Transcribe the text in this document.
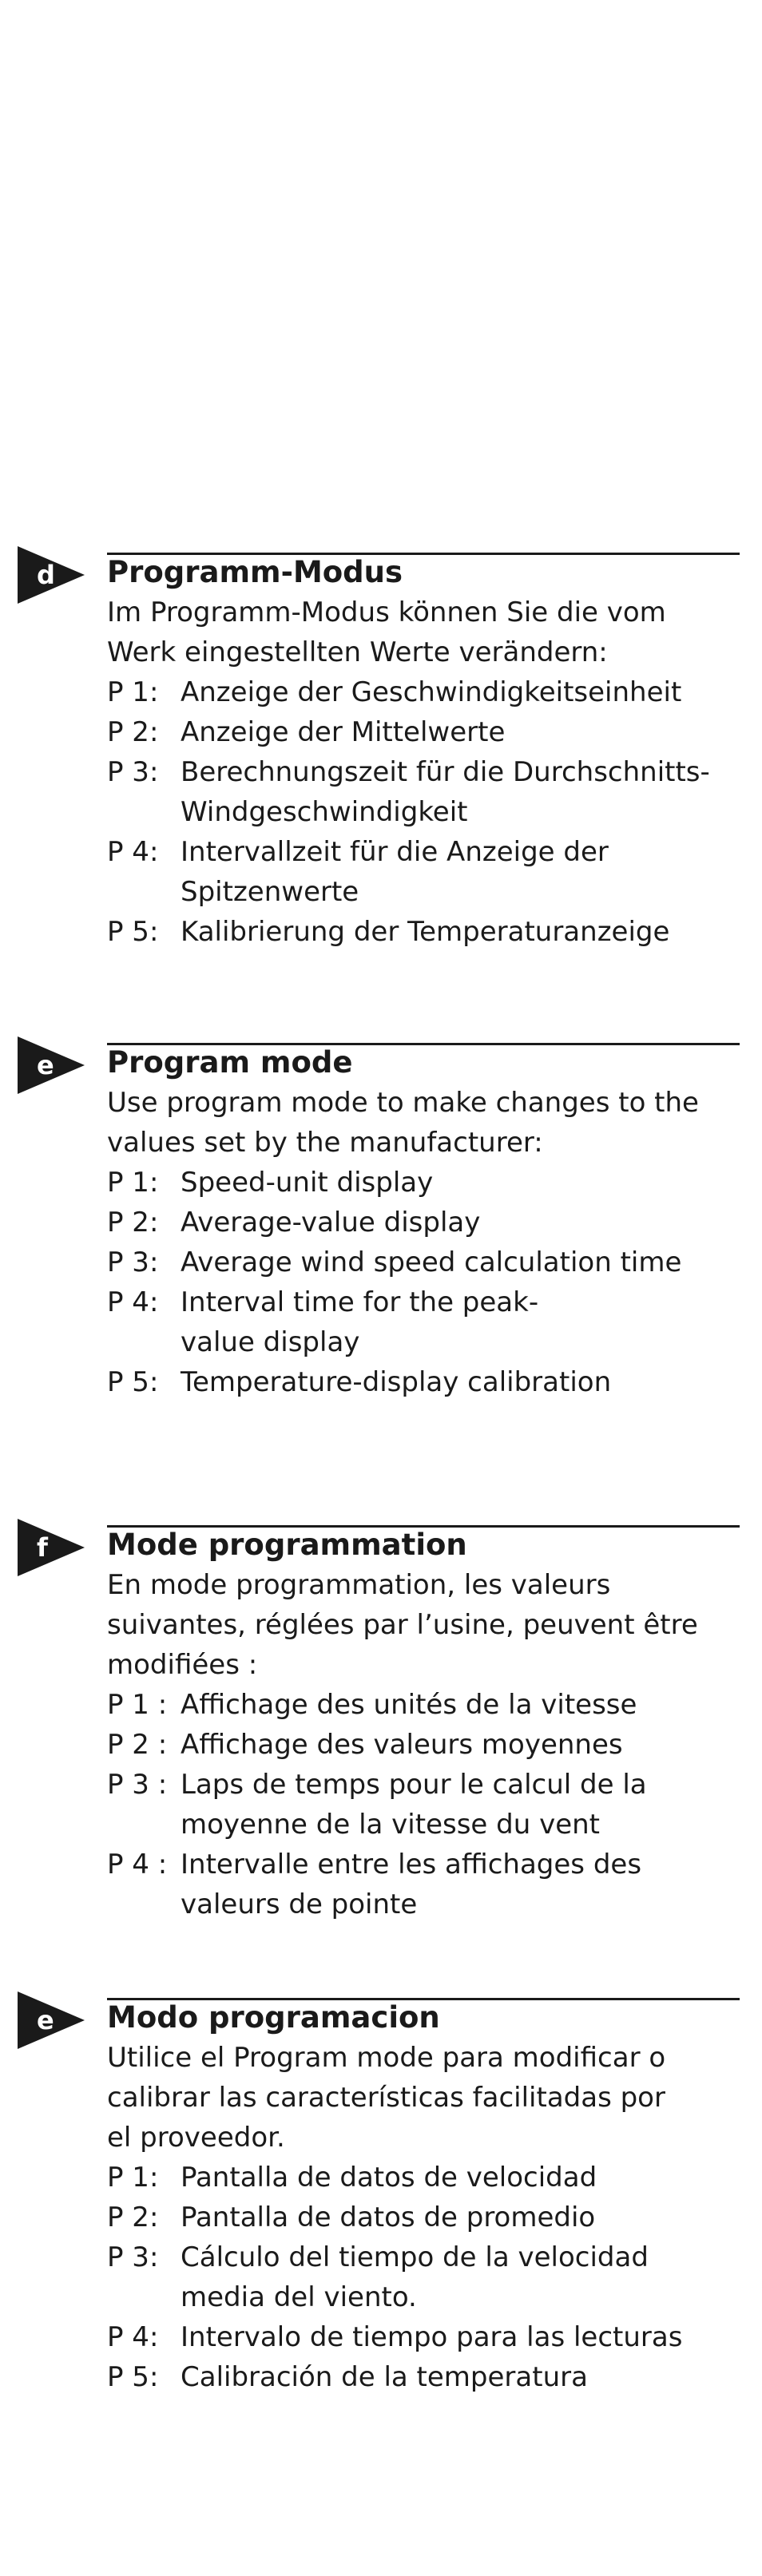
d Programm-Modus
Im Programm-Modus können Sie die vom
Werk eingestellten Werte verändern:
P 1: Anzeige der Geschwindigkeitseinheit
P 2: Anzeige der Mittelwerte
P 3: Berechnungszeit für die Durchschnitts-Windgeschwindigkeit
P 4: Intervallzeit für die Anzeige der Spitzenwerte
P 5: Kalibrierung der Temperaturanzeige
e Program mode
Use program mode to make changes to the
values set by the manufacturer:
P 1: Speed-unit display
P 2: Average-value display
P 3: Average wind speed calculation time
P 4: Interval time for the peak-value display
P 5: Temperature-display calibration
f Mode programmation
En mode programmation, les valeurs
suivantes, réglées par l’usine, peuvent être
modifiées :
P 1 : Affichage des unités de la vitesse
P 2 : Affichage des valeurs moyennes
P 3 : Laps de temps pour le calcul de la moyenne de la vitesse du vent
P 4 : Intervalle entre les affichages des valeurs de pointe
e Modo programacion
Utilice el Program mode para modificar o
calibrar las características facilitadas por
el proveedor.
P 1: Pantalla de datos de velocidad
P 2: Pantalla de datos de promedio
P 3: Cálculo del tiempo de la velocidad media del viento.
P 4: Intervalo de tiempo para las lecturas
P 5: Calibración de la temperatura
